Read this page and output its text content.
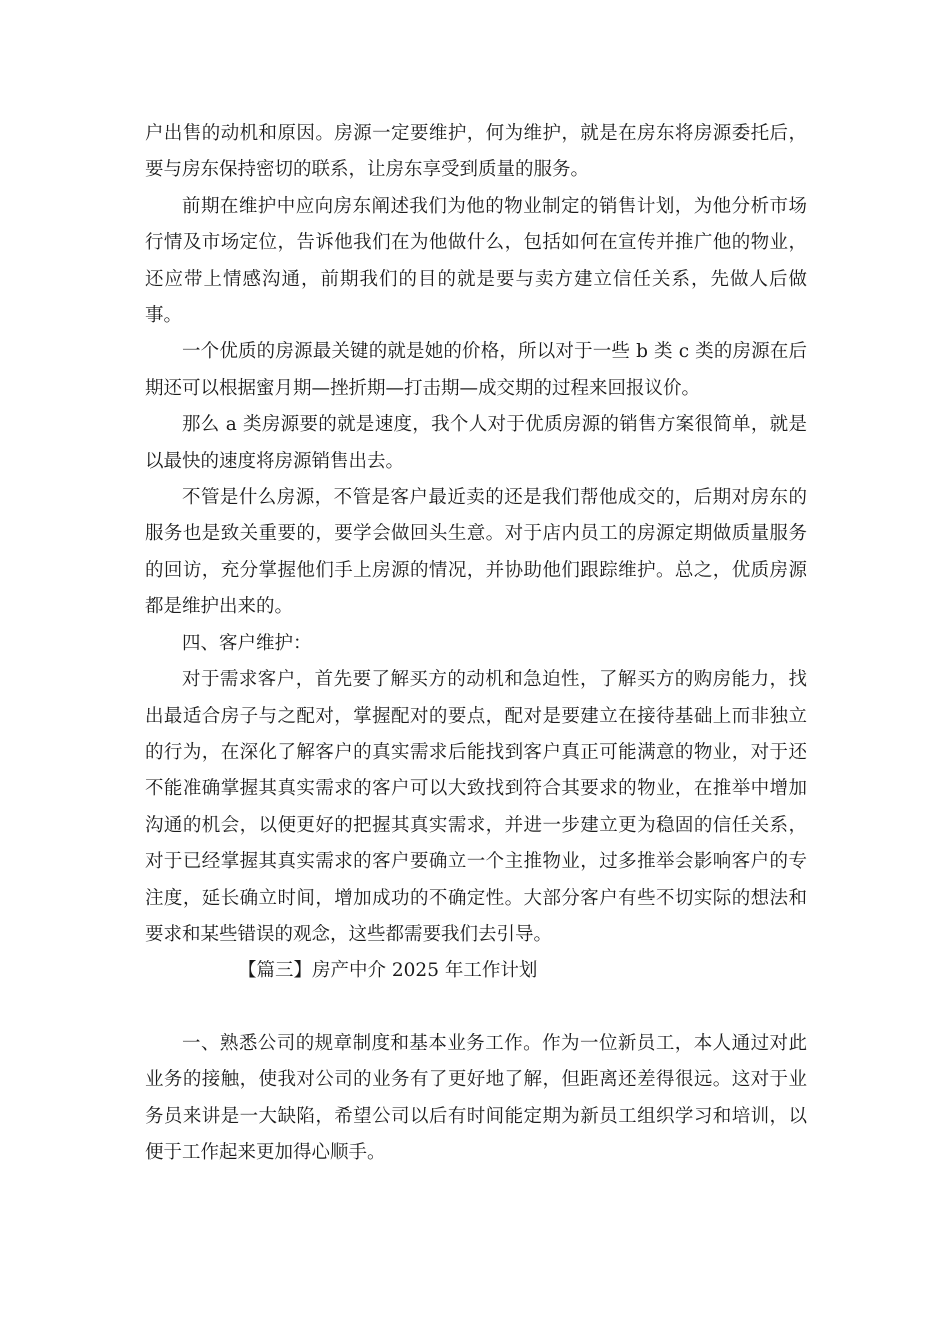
户出售的动机和原因。房源一定要维护，何为维护，就是在房东将房源委托后，要与房东保持密切的联系，让房东享受到质量的服务。

前期在维护中应向房东阐述我们为他的物业制定的销售计划，为他分析市场行情及市场定位，告诉他我们在为他做什么，包括如何在宣传并推广他的物业，还应带上情感沟通，前期我们的目的就是要与卖方建立信任关系，先做人后做事。

一个优质的房源最关键的就是她的价格，所以对于一些 b 类 c 类的房源在后期还可以根据蜜月期—挫折期—打击期—成交期的过程来回报议价。

那么 a 类房源要的就是速度，我个人对于优质房源的销售方案很简单，就是以最快的速度将房源销售出去。

不管是什么房源，不管是客户最近卖的还是我们帮他成交的，后期对房东的服务也是致关重要的，要学会做回头生意。对于店内员工的房源定期做质量服务的回访，充分掌握他们手上房源的情况，并协助他们跟踪维护。总之，优质房源都是维护出来的。

四、客户维护：

对于需求客户，首先要了解买方的动机和急迫性，了解买方的购房能力，找出最适合房子与之配对，掌握配对的要点，配对是要建立在接待基础上而非独立的行为，在深化了解客户的真实需求后能找到客户真正可能满意的物业，对于还不能准确掌握其真实需求的客户可以大致找到符合其要求的物业，在推举中增加沟通的机会，以便更好的把握其真实需求，并进一步建立更为稳固的信任关系，对于已经掌握其真实需求的客户要确立一个主推物业，过多推举会影响客户的专注度，延长确立时间，增加成功的不确定性。大部分客户有些不切实际的想法和要求和某些错误的观念，这些都需要我们去引导。

【篇三】房产中介 2025 年工作计划

一、熟悉公司的规章制度和基本业务工作。作为一位新员工，本人通过对此业务的接触，使我对公司的业务有了更好地了解，但距离还差得很远。这对于业务员来讲是一大缺陷，希望公司以后有时间能定期为新员工组织学习和培训，以便于工作起来更加得心顺手。
